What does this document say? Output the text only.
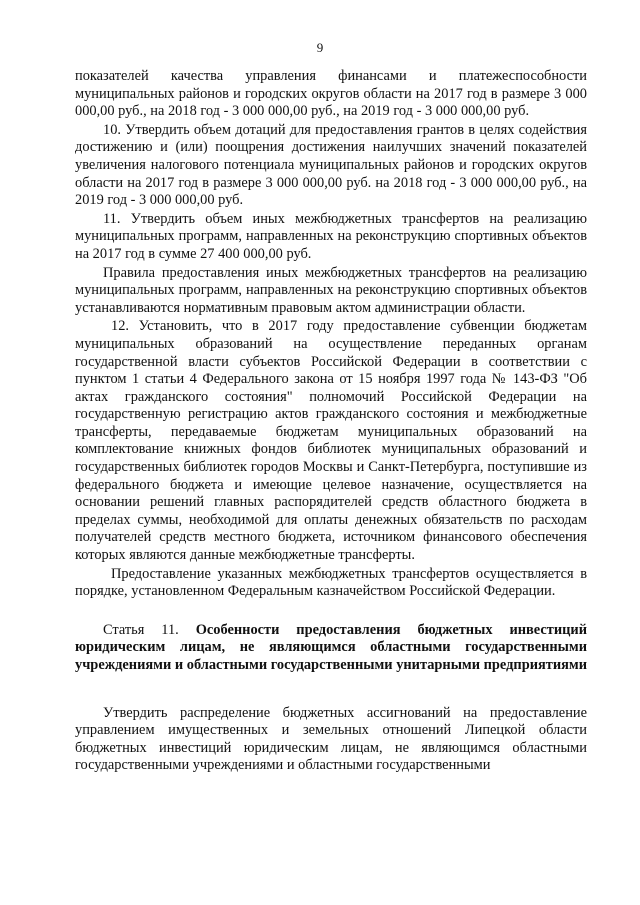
9

показателей качества управления финансами и платежеспособности муниципальных районов и городских округов области на 2017 год в размере 3 000 000,00 руб., на 2018 год - 3 000 000,00 руб., на 2019 год - 3 000 000,00 руб.

10. Утвердить объем дотаций для предоставления грантов в целях содействия достижению и (или) поощрения достижения наилучших значений показателей увеличения налогового потенциала муниципальных районов и городских округов области на 2017 год в размере 3 000 000,00 руб. на 2018 год - 3 000 000,00 руб., на 2019 год - 3 000 000,00 руб.

11. Утвердить объем иных межбюджетных трансфертов на реализацию муниципальных программ, направленных на реконструкцию спортивных объектов на 2017 год в сумме 27 400 000,00 руб.

Правила предоставления иных межбюджетных трансфертов на реализацию муниципальных программ, направленных на реконструкцию спортивных объектов устанавливаются нормативным правовым актом администрации области.

12. Установить, что в 2017 году предоставление субвенции бюджетам муниципальных образований на осуществление переданных органам государственной власти субъектов Российской Федерации в соответствии с пунктом 1 статьи 4 Федерального закона от 15 ноября 1997 года № 143-ФЗ "Об актах гражданского состояния" полномочий Российской Федерации на государственную регистрацию актов гражданского состояния и межбюджетные трансферты, передаваемые бюджетам муниципальных образований на комплектование книжных фондов библиотек муниципальных образований и государственных библиотек городов Москвы и Санкт-Петербурга, поступившие из федерального бюджета и имеющие целевое назначение, осуществляется на основании решений главных распорядителей средств областного бюджета в пределах суммы, необходимой для оплаты денежных обязательств по расходам получателей средств местного бюджета, источником финансового обеспечения которых являются данные межбюджетные трансферты.

Предоставление указанных межбюджетных трансфертов осуществляется в порядке, установленном Федеральным казначейством Российской Федерации.

Статья 11. Особенности предоставления бюджетных инвестиций юридическим лицам, не являющимся областными государственными учреждениями и областными государственными унитарными предприятиями

Утвердить распределение бюджетных ассигнований на предоставление управлением имущественных и земельных отношений Липецкой области бюджетных инвестиций юридическим лицам, не являющимся областными государственными учреждениями и областными государственными
